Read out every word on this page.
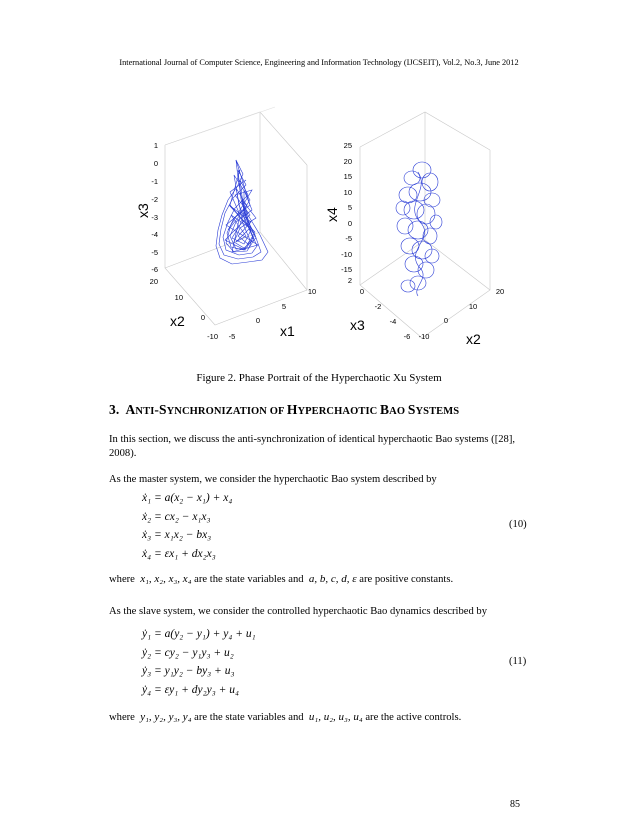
International Journal of Computer Science, Engineering and Information Technology (IJCSEIT), Vol.2, No.3, June 2012
1
0
-1
-2
-3
-4
-5
-6
x3
20
10
0
-10 -5
0
5
10
x2
x1
25
20
15
10
5
0
-5
-10
-15
x4
2
0
-2
-4
-6 -10
0
10
20
x3
x2
Figure 2. Phase Portrait of the Hyperchaotic Xu System
3. ANTI-SYNCHRONIZATION OF HYPERCHAOTIC BAO SYSTEMS
In this section, we discuss the anti-synchronization of identical hyperchaotic Bao systems ([28], 2008).
As the master system, we consider the hyperchaotic Bao system described by
ẋ₁ = a(x₂ − x₁) + x₄
ẋ₂ = cx₂ − x₁x₃
ẋ₃ = x₁x₂ − bx₃
ẋ₄ = εx₁ + dx₂x₃
(10)
where x₁, x₂, x₃, x₄ are the state variables and a, b, c, d, ε are positive constants.
As the slave system, we consider the controlled hyperchaotic Bao dynamics described by
ẏ₁ = a(y₂ − y₁) + y₄ + u₁
ẏ₂ = cy₂ − y₁y₃ + u₂
ẏ₃ = y₁y₂ − by₃ + u₃
ẏ₄ = εy₁ + dy₂y₃ + u₄
(11)
where y₁, y₂, y₃, y₄ are the state variables and u₁, u₂, u₃, u₄ are the active controls.
85
